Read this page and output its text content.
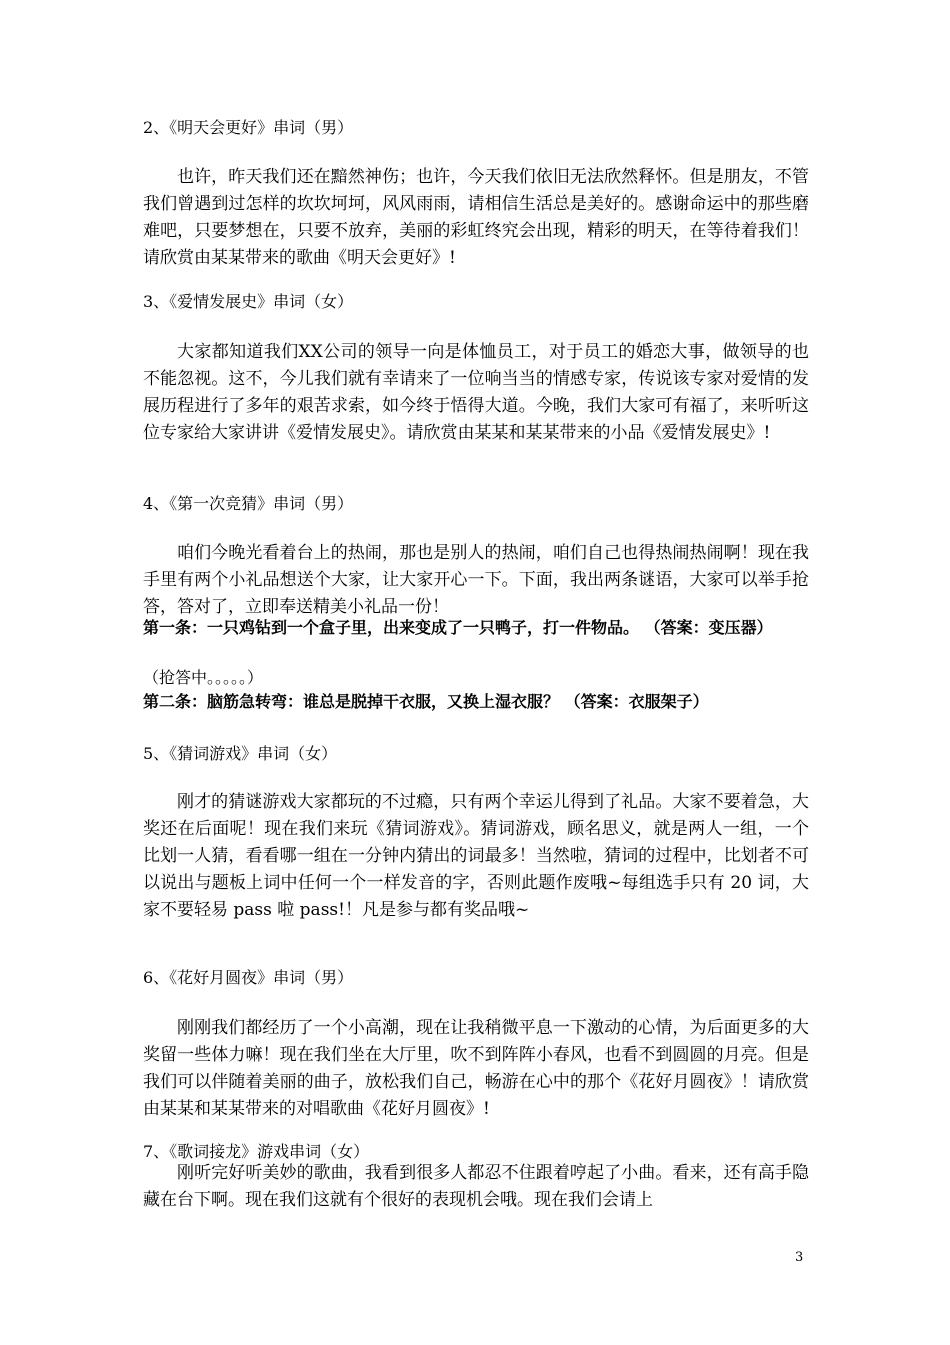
2、《明天会更好》串词（男）

也许，昨天我们还在黯然神伤；也许，今天我们依旧无法欣然释怀。但是朋友，不管我们曾遇到过怎样的坎坎坷坷，风风雨雨，请相信生活总是美好的。感谢命运中的那些磨难吧，只要梦想在，只要不放弃，美丽的彩虹终究会出现，精彩的明天，在等待着我们！请欣赏由某某带来的歌曲《明天会更好》!

3、《爱情发展史》串词（女）

大家都知道我们XX公司的领导一向是体恤员工，对于员工的婚恋大事，做领导的也不能忽视。这不，今儿我们就有幸请来了一位响当当的情感专家，传说该专家对爱情的发展历程进行了多年的艰苦求索，如今终于悟得大道。今晚，我们大家可有福了，来听听这位专家给大家讲讲《爱情发展史》。请欣赏由某某和某某带来的小品《爱情发展史》!

4、《第一次竞猜》串词（男）

咱们今晚光看着台上的热闹，那也是别人的热闹，咱们自己也得热闹热闹啊！现在我手里有两个小礼品想送个大家，让大家开心一下。下面，我出两条谜语，大家可以举手抢答，答对了，立即奉送精美小礼品一份！

第一条：一只鸡钻到一个盒子里，出来变成了一只鸭子，打一件物品。 （答案：变压器）

（抢答中。。。。。）

第二条：脑筋急转弯：谁总是脱掉干衣服，又换上湿衣服？ （答案：衣服架子）

5、《猜词游戏》串词（女）

刚才的猜谜游戏大家都玩的不过瘾，只有两个幸运儿得到了礼品。大家不要着急，大奖还在后面呢！现在我们来玩《猜词游戏》。猜词游戏，顾名思义，就是两人一组，一个比划一人猜，看看哪一组在一分钟内猜出的词最多！当然啦，猜词的过程中，比划者不可以说出与题板上词中任何一个一样发音的字，否则此题作废哦~每组选手只有 20 词，大家不要轻易 pass 啦 pass!！凡是参与都有奖品哦~

6、《花好月圆夜》串词（男）

刚刚我们都经历了一个小高潮，现在让我稍微平息一下激动的心情，为后面更多的大奖留一些体力嘛！现在我们坐在大厅里，吹不到阵阵小春风，也看不到圆圆的月亮。但是我们可以伴随着美丽的曲子，放松我们自己，畅游在心中的那个《花好月圆夜》！请欣赏由某某和某某带来的对唱歌曲《花好月圆夜》!

7、《歌词接龙》游戏串词（女）

刚听完好听美妙的歌曲，我看到很多人都忍不住跟着哼起了小曲。看来，还有高手隐藏在台下啊。现在我们这就有个很好的表现机会哦。现在我们会请上

3
